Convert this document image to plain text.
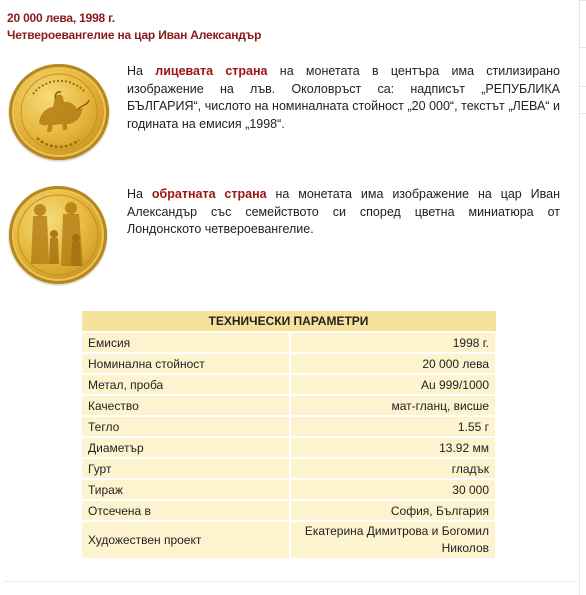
20 000 лева, 1998 г.
Четвероевангелие на цар Иван Александър
На лицевата страна на монетата в центъра има стилизирано изображение на лъв. Околовръст са: надписът „РЕПУБЛИКА БЪЛГАРИЯ“, числото на номиналната стойност „20 000“, текстът „ЛЕВА“ и годината на емисия „1998“.
На обратната страна на монетата има изображение на цар Иван Александър със семейството си според цветна миниатюра от Лондонското четвероевангелие.
ТЕХНИЧЕСКИ ПАРАМЕТРИ	
Емисия	1998 г.
Номинална стойност	20 000 лева
Метал, проба	Au 999/1000
Качество	мат-гланц, висше
Тегло	1.55 г
Диаметър	13.92 мм
Гурт	гладък
Тираж	30 000
Отсечена в	София, България
Художествен проект	Екатерина Димитрова и Богомил Николов
